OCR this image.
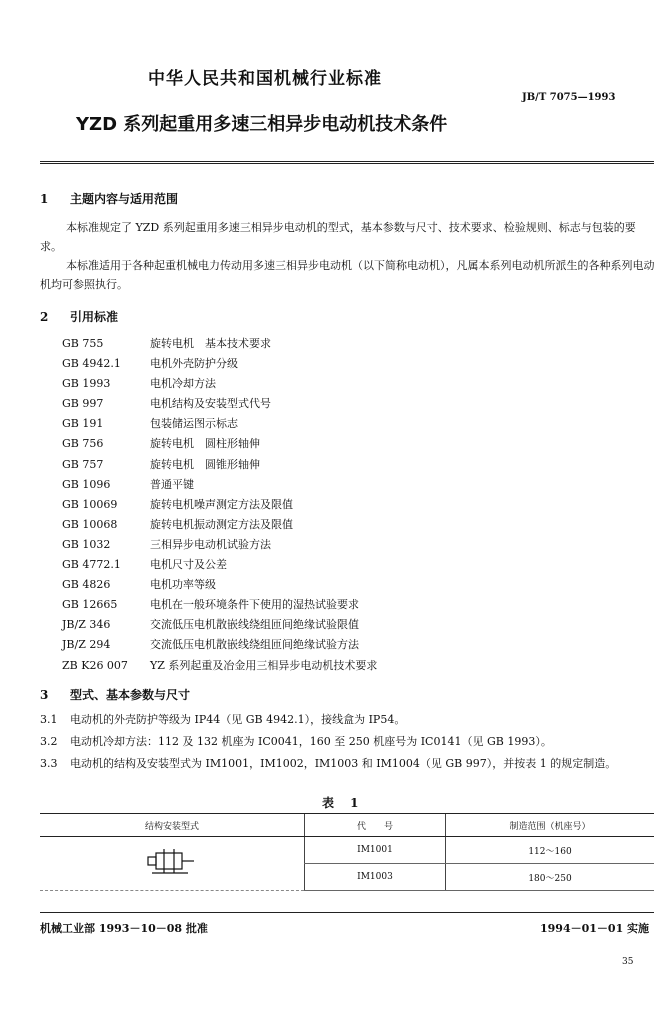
中华人民共和国机械行业标准
JB/T 7075—1993
YZD 系列起重用多速三相异步电动机技术条件
1 主题内容与适用范围
本标准规定了 YZD 系列起重用多速三相异步电动机的型式，基本参数与尺寸、技术要求、检验规则、标志与包装的要求。
本标准适用于各种起重机械电力传动用多速三相异步电动机（以下简称电动机），凡属本系列电动机所派生的各种系列电动机均可参照执行。
2 引用标准
GB 755	旋转电机　基本技术要求
GB 4942.1	电机外壳防护分级
GB 1993	电机冷却方法
GB 997	电机结构及安装型式代号
GB 191	包装储运图示标志
GB 756	旋转电机　圆柱形轴伸
GB 757	旋转电机　圆锥形轴伸
GB 1096	普通平键
GB 10069	旋转电机噪声测定方法及限值
GB 10068	旋转电机振动测定方法及限值
GB 1032	三相异步电动机试验方法
GB 4772.1	电机尺寸及公差
GB 4826	电机功率等级
GB 12665	电机在一般环境条件下使用的湿热试验要求
JB/Z 346	交流低压电机散嵌线绕组匝间绝缘试验限值
JB/Z 294	交流低压电机散嵌线绕组匝间绝缘试验方法
ZB K26 007 YZ 系列起重及冶金用三相异步电动机技术要求
3 型式、基本参数与尺寸
3.1 电动机的外壳防护等级为 IP44（见 GB 4942.1），接线盒为 IP54。
3.2 电动机冷却方法：112 及 132 机座为 IC0041，160 至 250 机座号为 IC0141（见 GB 1993）。
3.3 电动机的结构及安装型式为 IM1001，IM1002，IM1003 和 IM1004（见 GB 997），并按表 1 的规定制造。
表 1
结构安装型式	代　　号	制造范围（机座号）
	IM1001	112～160
	IM1003	180～250
机械工业部 1993－10－08 批准	1994－01－01 实施
35
